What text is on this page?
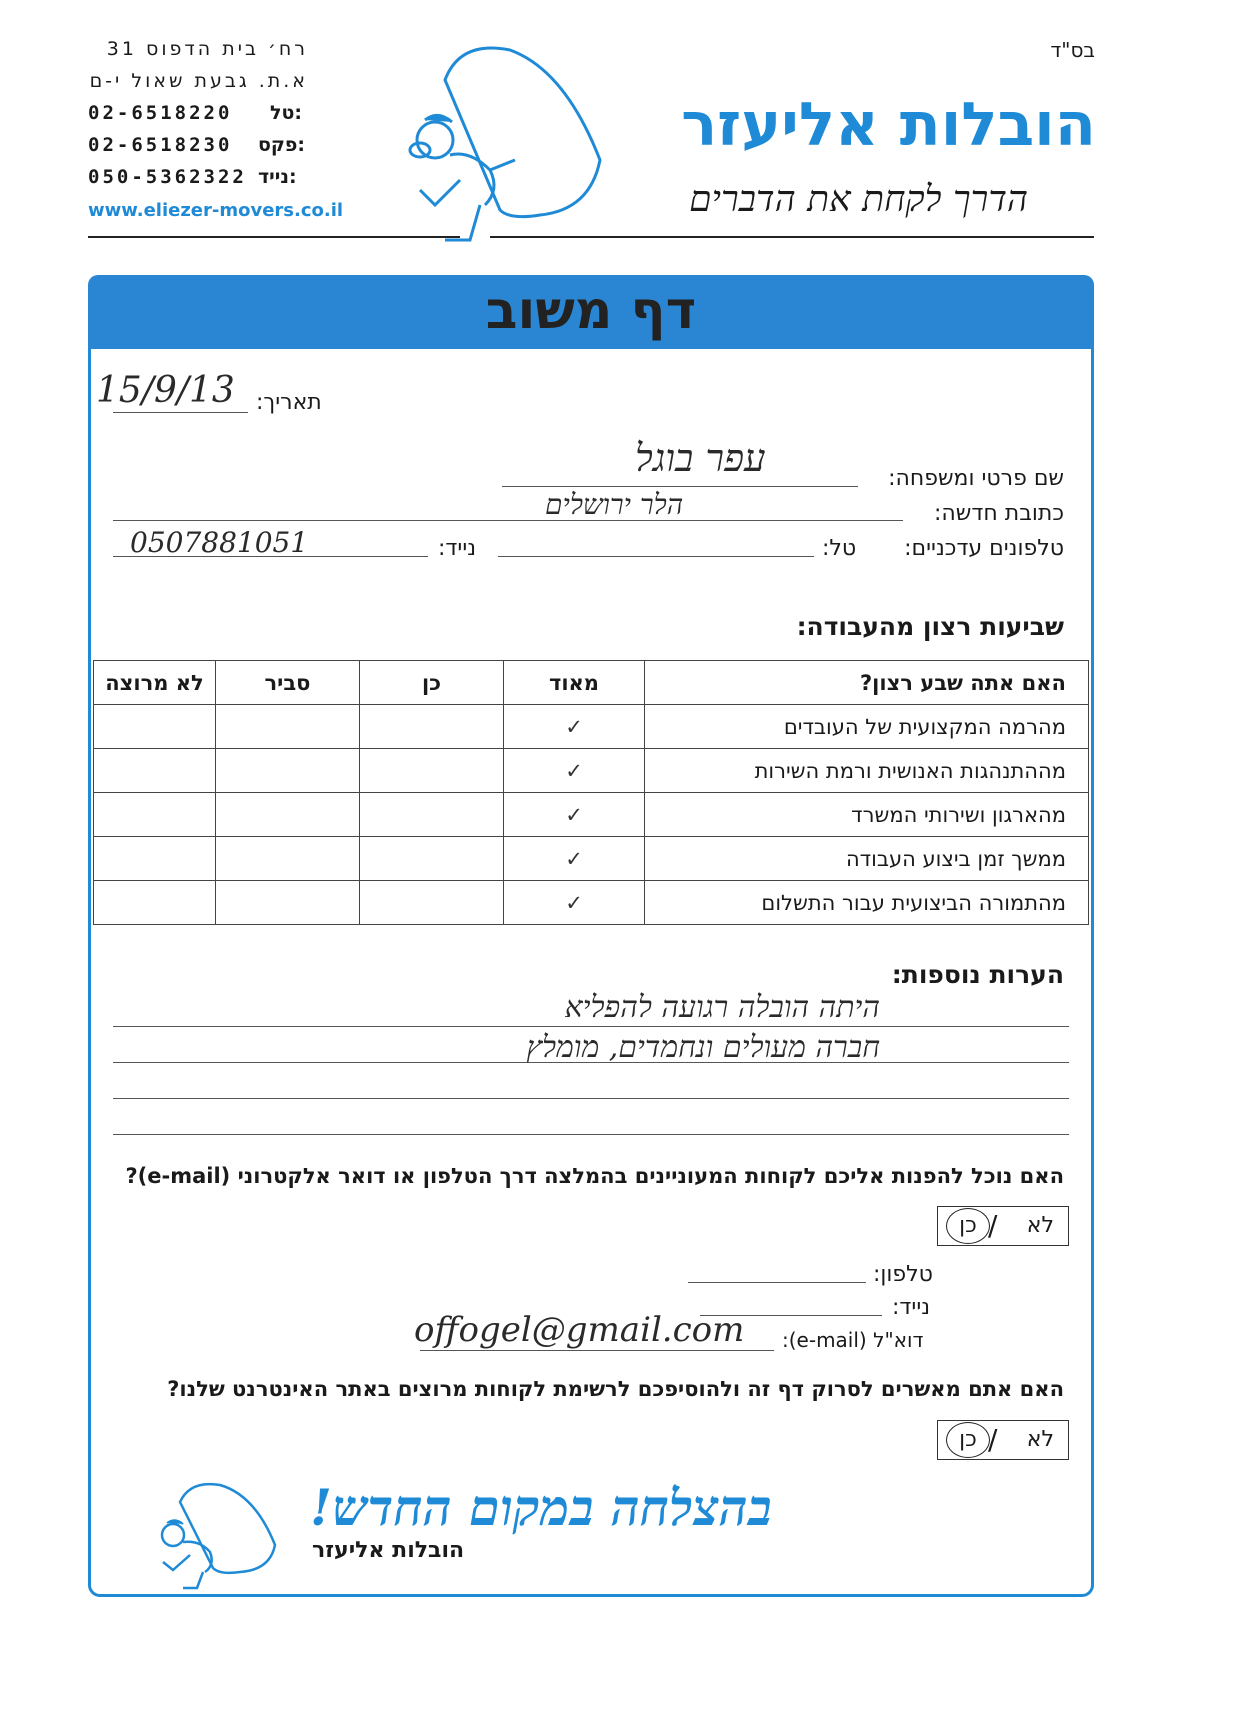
בס"ד
הובלות אליעזר
הדרך לקחת את הדברים
רח׳ בית הדפוס 31
א.ת. גבעת שאול י-ם
02-6518220 טל:
02-6518230 פקס:
050-5362322 נייד:
www.eliezer-movers.co.il
דף משוב
תאריך:
15/9/13
שם פרטי ומשפחה:
עפר בוגל
כתובת חדשה:
הלר ירושלים
טלפונים עדכניים:
טל:
נייד:
0507881051
שביעות רצון מהעבודה:
האם אתה שבע רצון?	מאוד	כן	סביר	לא מרוצה
מהרמה המקצועית של העובדים	✓			
מההתנהגות האנושית ורמת השירות	✓			
מהארגון ושירותי המשרד	✓			
ממשך זמן ביצוע העבודה	✓			
מהתמורה הביצועית עבור התשלום	✓			
הערות נוספות:
היתה הובלה רגועה להפליא
חברה מעולים ונחמדים, מומלץ
האם נוכל להפנות אליכם לקוחות המעוניינים בהמלצה דרך הטלפון או דואר אלקטרוני (e-mail)?
לא
/
כן
טלפון:
נייד:
דוא"ל (e-mail):
offogel@gmail.com
האם אתם מאשרים לסרוק דף זה ולהוסיפכם לרשימת לקוחות מרוצים באתר האינטרנט שלנו?
לא
/
כן
בהצלחה במקום החדש!
הובלות אליעזר
